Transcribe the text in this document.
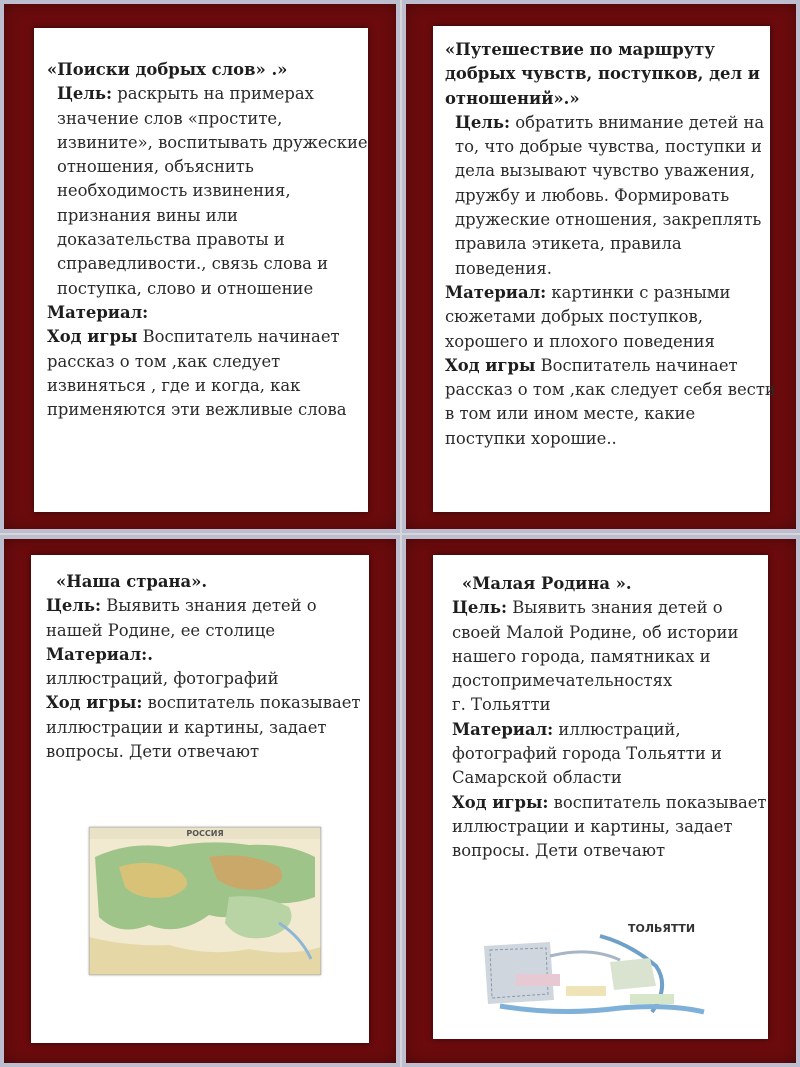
«Поиски добрых слов» .»

Цель: раскрыть на примерах значение слов «простите, извините», воспитывать дружеские отношения, объяснить необходимость извинения, признания вины или доказательства правоты и справедливости., связь слова и поступка, слово и отношение

Материал:

Ход игры Воспитатель начинает рассказ о том ,как следует извиняться , где и когда, как применяются эти вежливые слова

«Путешествие по маршруту добрых чувств, поступков, дел и отношений».»

Цель: обратить внимание детей на то, что добрые чувства, поступки и дела вызывают чувство уважения, дружбу и любовь. Формировать дружеские отношения, закреплять правила этикета, правила поведения.

Материал: картинки с разными сюжетами добрых поступков, хорошего и плохого поведения

Ход игры Воспитатель начинает рассказ о том ,как следует себя вести в том или ином месте, какие поступки хорошие..

«Наша страна».

Цель: Выявить знания детей о нашей Родине, ее столице

Материал:.

иллюстраций, фотографий

Ход игры: воспитатель показывает иллюстрации и картины, задает вопросы. Дети отвечают

РОССИЯ

«Малая Родина ».

Цель: Выявить знания детей о своей Малой Родине, об истории нашего города, памятниках и достопримечательностях

г. Тольятти

Материал: иллюстраций, фотографий города Тольятти и Самарской области

Ход игры: воспитатель показывает иллюстрации и картины, задает вопросы. Дети отвечают

ТОЛЬЯТТИ
